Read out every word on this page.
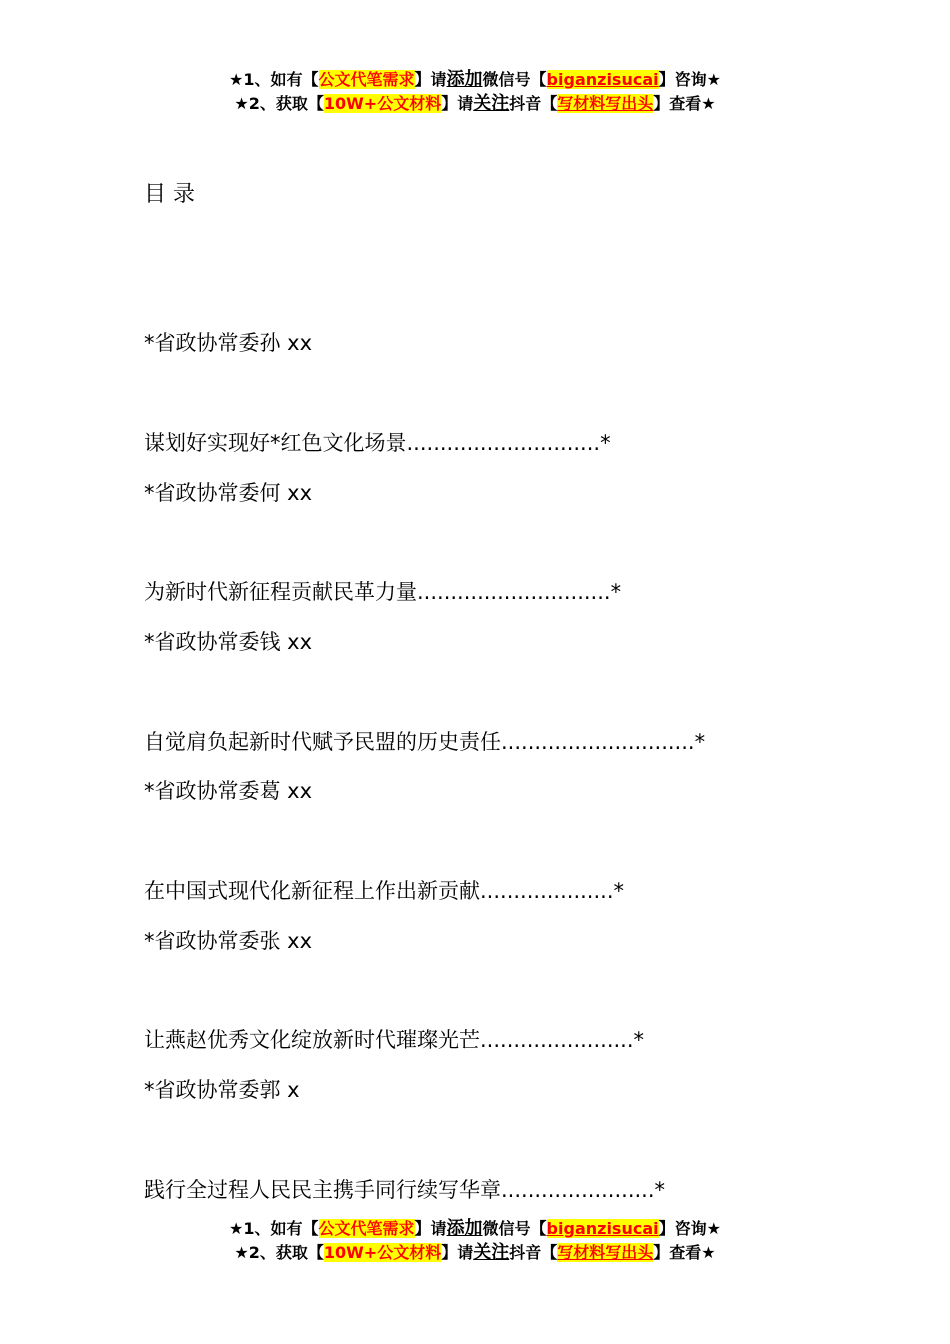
★1、如有【公文代笔需求】请添加微信号【biganzisucai】咨询★
★2、获取【10W+公文材料】请关注抖音【写材料写出头】查看★
目 录
*省政协常委孙 xx
谋划好实现好*红色文化场景.............................*
*省政协常委何 xx
为新时代新征程贡献民革力量.............................*
*省政协常委钱 xx
自觉肩负起新时代赋予民盟的历史责任.............................*
*省政协常委葛 xx
在中国式现代化新征程上作出新贡献....................*
*省政协常委张 xx
让燕赵优秀文化绽放新时代璀璨光芒.......................*
*省政协常委郭 x
践行全过程人民民主携手同行续写华章.......................*
★1、如有【公文代笔需求】请添加微信号【biganzisucai】咨询★
★2、获取【10W+公文材料】请关注抖音【写材料写出头】查看★
